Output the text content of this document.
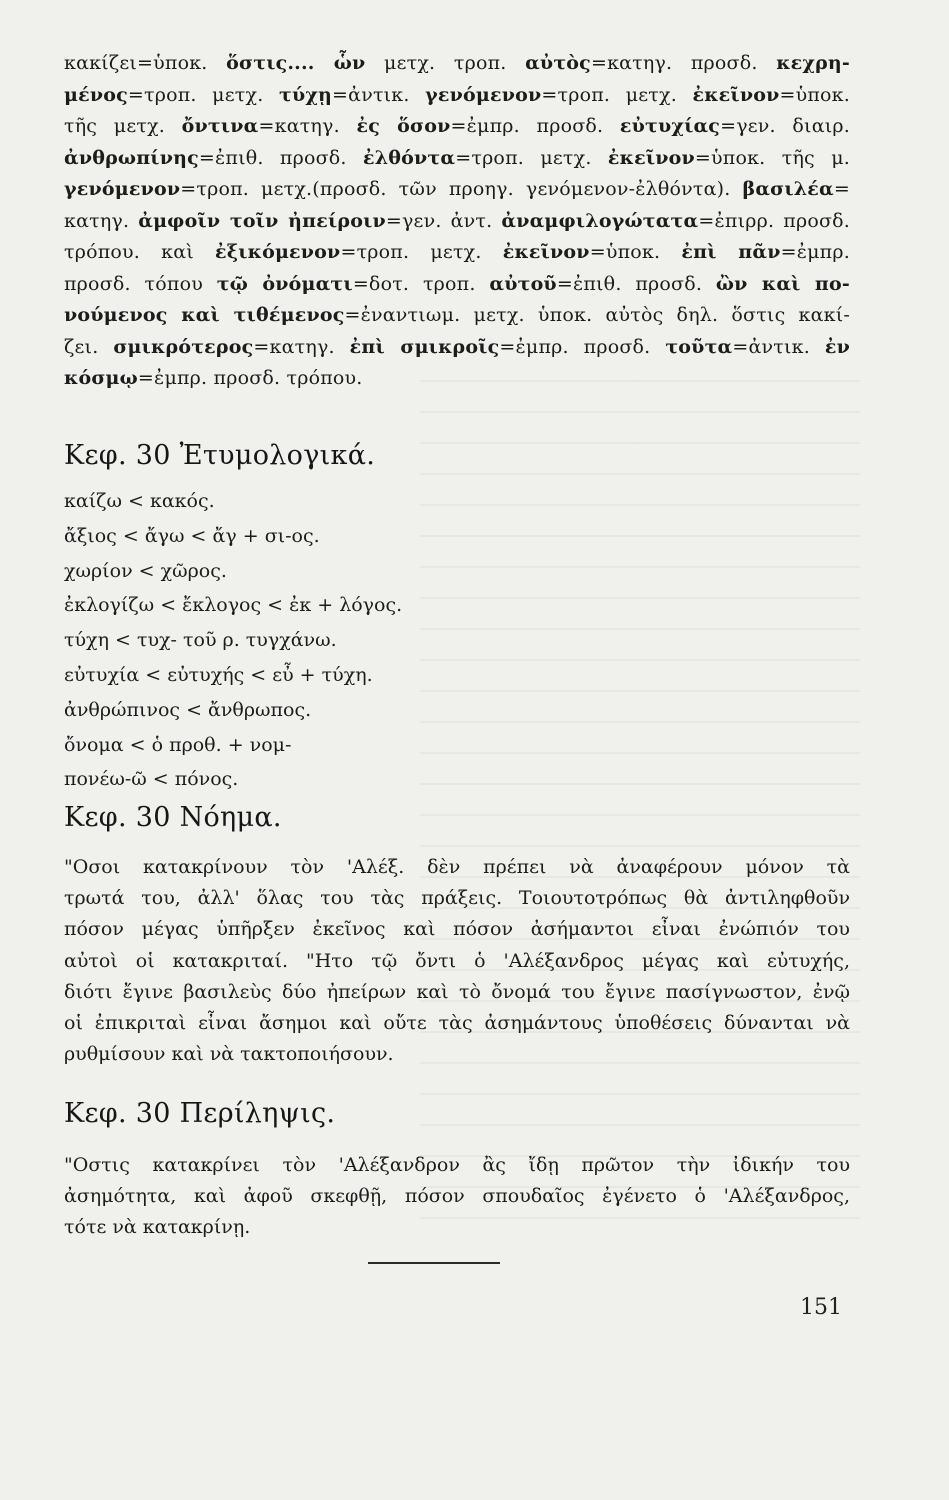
κακίζει=ὑποκ. ὅστις.... ὧν μετχ. τροπ. αὐτὸς=κατηγ. προσδ. κεχρη-
μένος=τροπ. μετχ. τύχῃ=ἀντικ. γενόμενον=τροπ. μετχ. ἐκεῖνον=ὑποκ.
τῆς μετχ. ὄντινα=κατηγ. ἐς ὅσον=ἐμπρ. προσδ. εὐτυχίας=γεν. διαιρ.
ἀνθρωπίνης=ἐπιθ. προσδ. ἐλθόντα=τροπ. μετχ. ἐκεῖνον=ὑποκ. τῆς μ.
γενόμενον=τροπ. μετχ.(προσδ. τῶν προηγ. γενόμενον-ἐλθόντα). βασιλέα=
κατηγ. ἀμφοῖν τοῖν ἠπείροιν=γεν. ἀντ. ἀναμφιλογώτατα=ἐπιρρ. προσδ.
τρόπου. καὶ ἐξικόμενον=τροπ. μετχ. ἐκεῖνον=ὑποκ. ἐπὶ πᾶν=ἐμπρ.
προσδ. τόπου τῷ ὀνόματι=δοτ. τροπ. αὐτοῦ=ἐπιθ. προσδ. ὢν καὶ πο-
νούμενος καὶ τιθέμενος=ἐναντιωμ. μετχ. ὑποκ. αὐτὸς δηλ. ὅστις κακί-
ζει. σμικρότερος=κατηγ. ἐπὶ σμικροῖς=ἐμπρ. προσδ. τοῦτα=ἀντικ. ἐν
κόσμῳ=ἐμπρ. προσδ. τρόπου.
Κεφ. 30 Ἐτυμολογικά.
καίζω < κακός.
ἄξιος < ἄγω < ἄγ + σι-ος.
χωρίον < χῶρος.
ἐκλογίζω < ἔκλογος < ἐκ + λόγος.
τύχη < τυχ- τοῦ ρ. τυγχάνω.
εὐτυχία < εὐτυχής < εὖ + τύχη.
ἀνθρώπινος < ἄνθρωπος.
ὄνομα < ὁ προθ. + νομ-
πονέω-ῶ < πόνος.
Κεφ. 30 Νόημα.
"Οσοι κατακρίνουν τὸν 'Αλέξ. δὲν πρέπει νὰ ἀναφέρουν μόνον τὰ
τρωτά του, ἀλλ' ὅλας του τὰς πράξεις. Τοιουτοτρόπως θὰ ἀντιληφθοῦν
πόσον μέγας ὑπῆρξεν ἐκεῖνος καὶ πόσον ἀσήμαντοι εἶναι ἐνώπιόν του
αὐτοὶ οἱ κατακριταί. "Ητο τῷ ὄντι ὁ 'Αλέξανδρος μέγας καὶ εὐτυχής,
διότι ἔγινε βασιλεὺς δύο ἠπείρων καὶ τὸ ὄνομά του ἔγινε πασίγνωστον, ἐνῷ
οἱ ἐπικριταὶ εἶναι ἄσημοι καὶ οὔτε τὰς ἀσημάντους ὑποθέσεις δύνανται νὰ
ρυθμίσουν καὶ νὰ τακτοποιήσουν.
Κεφ. 30 Περίληψις.
"Οστις κατακρίνει τὸν 'Αλέξανδρον ἂς ἴδῃ πρῶτον τὴν ἰδικήν του
ἀσημότητα, καὶ ἀφοῦ σκεφθῇ, πόσον σπουδαῖος ἐγένετο ὁ 'Αλέξανδρος,
τότε νὰ κατακρίνῃ.
151
